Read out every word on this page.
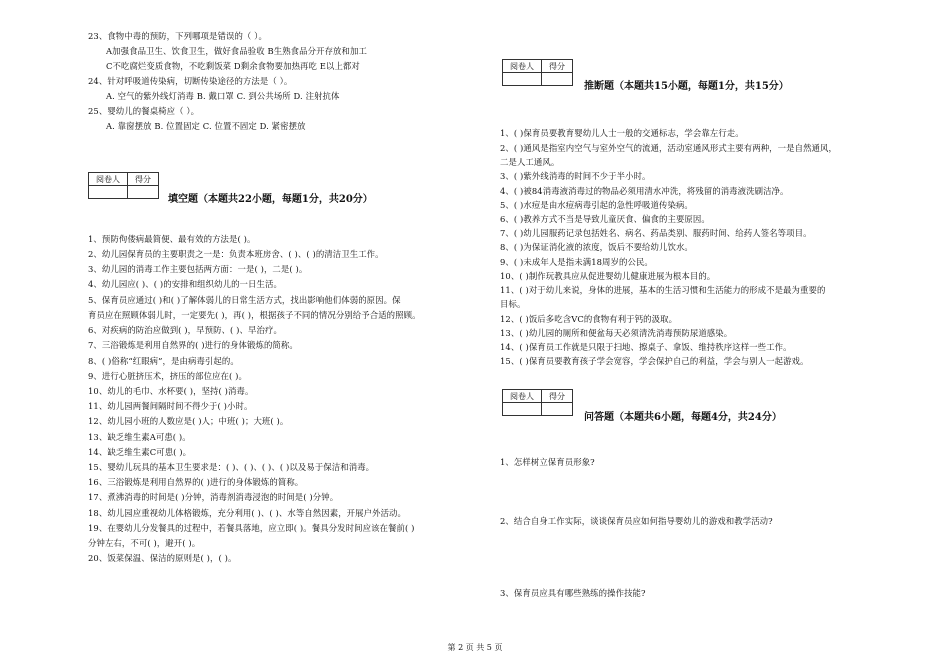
23、食物中毒的预防，下列哪项是错误的（ ）。
A加强食品卫生、饮食卫生，做好食品验收 B生熟食品分开存放和加工
C不吃腐烂变质食物，不吃剩饭菜 D剩余食物要加热再吃 E以上都对
24、针对呼吸道传染病，切断传染途径的方法是（ ）。
A. 空气的紫外线灯消毒 B. 戴口罩 C. 到公共场所 D. 注射抗体
25、婴幼儿的餐桌椅应（ ）。
A. 靠窗摆放 B. 位置固定 C. 位置不固定 D. 紧密摆放
阅卷人	得分

填空题（本题共22小题，每题1分，共20分）
1、预防佝偻病最简便、最有效的方法是( )。
2、幼儿园保育员的主要职责之一是：负责本班房舍、( )、( )的清洁卫生工作。
3、幼儿园的消毒工作主要包括两方面：一是( )，二是( )。
4、幼儿园应( )、( )的安排和组织幼儿的一日生活。
5、保育员应通过( )和( )了解体弱儿的日常生活方式，找出影响他们体弱的原因。保
育员应在照顾体弱儿时，一定要先( )，再( )，根据孩子不同的情况分别给予合适的照顾。
6、对疾病的防治应做到( )，早预防、( )、早治疗。
7、三浴锻炼是利用自然界的( )进行的身体锻炼的简称。
8、( )俗称“红眼病”，是由病毒引起的。
9、进行心脏挤压术，挤压的部位应在( )。
10、幼儿的毛巾、水杯要( )，坚持( )消毒。
11、幼儿园两餐间隔时间不得少于( )小时。
12、幼儿园小班的人数应是( )人；中班( )；大班( )。
13、缺乏维生素A可患( )。
14、缺乏维生素C可患( )。
15、婴幼儿玩具的基本卫生要求是：( )、( )、( )、( )以及易于保洁和消毒。
16、三浴锻炼是利用自然界的( )进行的身体锻炼的简称。
17、煮沸消毒的时间是( )分钟，消毒剂消毒浸泡的时间是( )分钟。
18、幼儿园应重视幼儿体格锻炼，充分利用( )、( )、水等自然因素，开展户外活动。
19、在婴幼儿分发餐具的过程中，若餐具落地，应立即( )。餐具分发时间应该在餐前( )
分钟左右，不可( )，避开( )。
20、饭菜保温、保洁的原则是( )，( )。
阅卷人	得分

推断题（本题共15小题，每题1分，共15分）
1、( )保育员要教育婴幼儿人士一般的交通标志，学会靠左行走。
2、( )通风是指室内空气与室外空气的流通，活动室通风形式主要有两种，一是自然通风，
二是人工通风。
3、( )紫外线消毒的时间不少于半小时。
4、( )被84消毒液消毒过的物品必须用清水冲洗，将残留的消毒液洗刷洁净。
5、( )水痘是由水痘病毒引起的急性呼吸道传染病。
6、( )教养方式不当是导致儿童厌食、偏食的主要原因。
7、( )幼儿园服药记录包括姓名、病名、药品类别、服药时间、给药人签名等项目。
8、( )为保证消化液的浓度，饭后不要给幼儿饮水。
9、( )未成年人是指未满18周岁的公民。
10、( )制作玩教具应从促进婴幼儿健康进展为根本目的。
11、( )对于幼儿来说，身体的进展，基本的生活习惯和生活能力的形成不是最为重要的
目标。
12、( )饭后多吃含VC的食物有利于钙的汲取。
13、( )幼儿园的厕所和便盆每天必须清洗消毒预防尿道感染。
14、( )保育员工作就是只限于扫地、擦桌子、拿饭、维持秩序这样一些工作。
15、( )保育员要教育孩子学会宽容，学会保护自己的利益，学会与别人一起游戏。
阅卷人	得分

问答题（本题共6小题，每题4分，共24分）
1、怎样树立保育员形象?
2、结合自身工作实际，谈谈保育员应如何指导婴幼儿的游戏和教学活动?
3、保育员应具有哪些熟练的操作技能?
第 2 页 共 5 页
